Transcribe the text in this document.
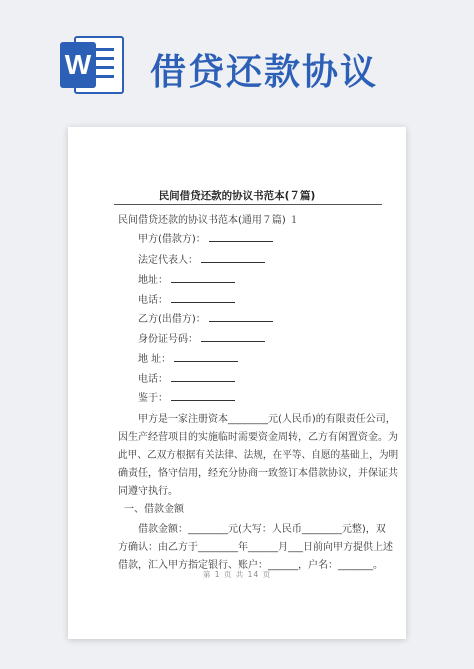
W 借贷还款协议
民间借贷还款的协议书范本(７篇)
民间借贷还款的协议书范本(通用７篇) １
甲方(借款方)：
法定代表人：
地址：
电话：
乙方(出借方)：
身份证号码：
地 址：
电话：
鉴于：
甲方是一家注册资本________元(人民币)的有限责任公司，
因生产经营项目的实施临时需要资金周转，乙方有闲置资金。为
此甲、乙双方根据有关法律、法规，在平等、自愿的基础上，为明
确责任，恪守信用，经充分协商一致签订本借款协议，并保证共
同遵守执行。
一、借款金额
借款金额：________元(大写：人民币________元整)，双
方确认：由乙方于________年______月___日前向甲方提供上述
借款，汇入甲方指定银行、账户：______，户名：_______。
第 1 页 共 14 页
